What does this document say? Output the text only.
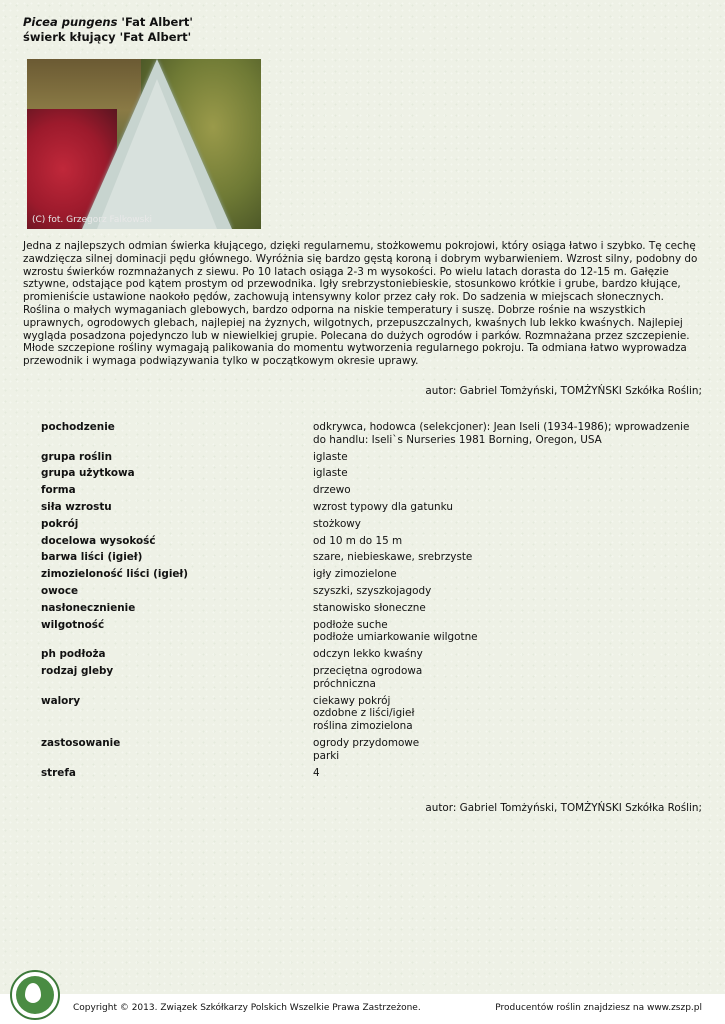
Picea pungens 'Fat Albert'
świerk kłujący 'Fat Albert'
(C) fot. Grzegorz Falkowski
Jedna z najlepszych odmian świerka kłującego, dzięki regularnemu, stożkowemu pokrojowi, który osiąga łatwo i szybko. Tę cechę zawdzięcza silnej dominacji pędu głównego. Wyróżnia się bardzo gęstą koroną i dobrym wybarwieniem. Wzrost silny, podobny do wzrostu świerków rozmnażanych z siewu. Po 10 latach osiąga 2-3 m wysokości. Po wielu latach dorasta do 12-15 m. Gałęzie sztywne, odstające pod kątem prostym od przewodnika. Igły srebrzystoniebieskie, stosunkowo krótkie i grube, bardzo kłujące, promieniście ustawione naokoło pędów, zachowują intensywny kolor przez cały rok. Do sadzenia w miejscach słonecznych. Roślina o małych wymaganiach glebowych, bardzo odporna na niskie temperatury i suszę. Dobrze rośnie na wszystkich uprawnych, ogrodowych glebach, najlepiej na żyznych, wilgotnych, przepuszczalnych, kwaśnych lub lekko kwaśnych. Najlepiej wygląda posadzona pojedynczo lub w niewielkiej grupie. Polecana do dużych ogrodów i parków. Rozmnażana przez szczepienie. Młode szczepione rośliny wymagają palikowania do momentu wytworzenia regularnego pokroju. Ta odmiana łatwo wyprowadza przewodnik i wymaga podwiązywania tylko w początkowym okresie uprawy.
autor: Gabriel Tomżyński, TOMŻYŃSKI Szkółka Roślin;
pochodzenie	odkrywca, hodowca (selekcjoner): Jean Iseli (1934-1986); wprowadzenie do handlu: Iseli`s Nurseries 1981 Borning, Oregon, USA
grupa roślin	iglaste
grupa użytkowa	iglaste
forma	drzewo
siła wzrostu	wzrost typowy dla gatunku
pokrój	stożkowy
docelowa wysokość	od 10 m do 15 m
barwa liści (igieł)	szare, niebieskawe, srebrzyste
zimozieloność liści (igieł)	igły zimozielone
owoce	szyszki, szyszkojagody
nasłonecznienie	stanowisko słoneczne
wilgotność	podłoże suche
podłoże umiarkowanie wilgotne
ph podłoża	odczyn lekko kwaśny
rodzaj gleby	przeciętna ogrodowa
próchniczna
walory	ciekawy pokrój
ozdobne z liści/igieł
roślina zimozielona
zastosowanie	ogrody przydomowe
parki
strefa	4
autor: Gabriel Tomżyński, TOMŻYŃSKI Szkółka Roślin;
Copyright © 2013. Związek Szkółkarzy Polskich Wszelkie Prawa Zastrzeżone.	Producentów roślin znajdziesz na www.zszp.pl
